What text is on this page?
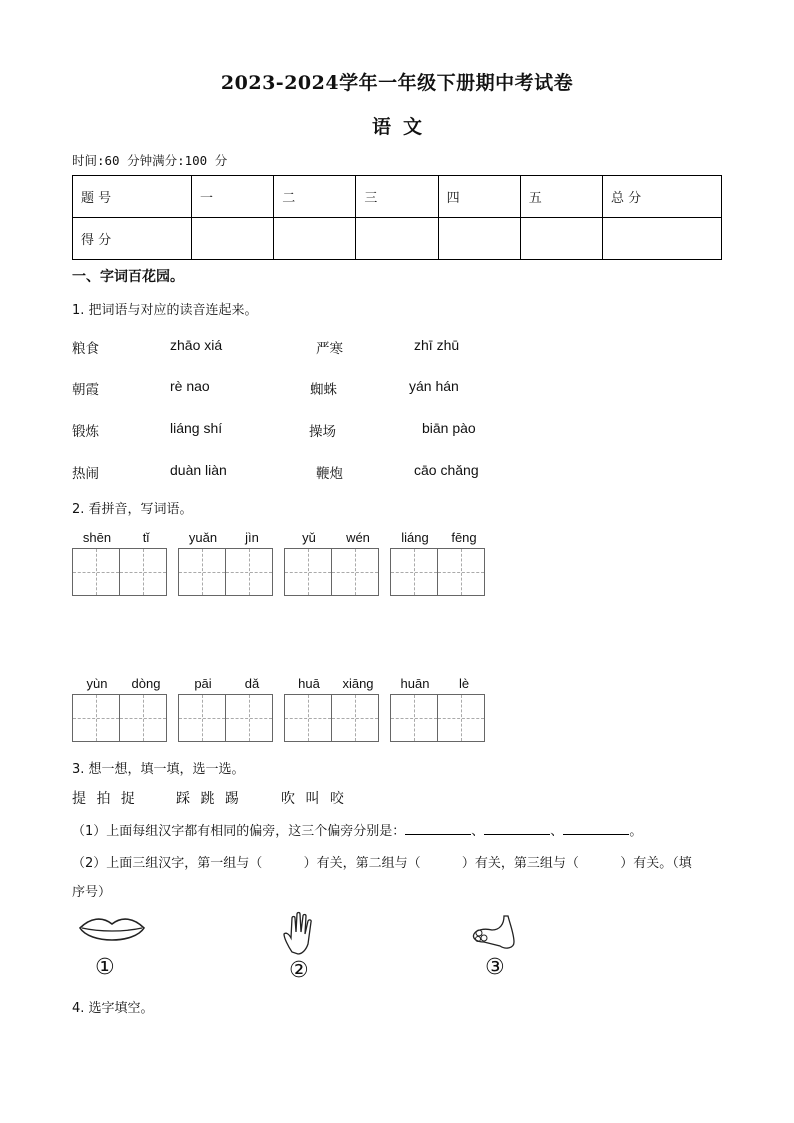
2023-2024学年一年级下册期中考试卷
语 文
时间:60 分钟满分:100 分
题 号	一	二	三	四	五	总 分
得 分						
一、字词百花园。
1. 把词语与对应的读音连起来。
粮食	zhāo xiá	严寒	zhī zhū
朝霞	rè nao	蜘蛛	yán hán
锻炼	liáng shí	操场	biān pào
热闹	duàn liàn	鞭炮	cāo chǎng
2. 看拼音，写词语。
shēn	tǐ	yuǎn	jìn	yǔ	wén	liáng	fēng
yùn	dòng	pāi	dǎ	huā	xiāng	huān	lè
3. 想一想，填一填，选一选。
提 拍 捉	踩 跳 踢	吹 叫 咬
（1）上面每组汉字都有相同的偏旁，这三个偏旁分别是：	、	、	。
（2）上面三组汉字，第一组与（          ）有关，第二组与（          ）有关，第三组与（          ）有关。（填
序号）
①	②	③
4. 选字填空。
